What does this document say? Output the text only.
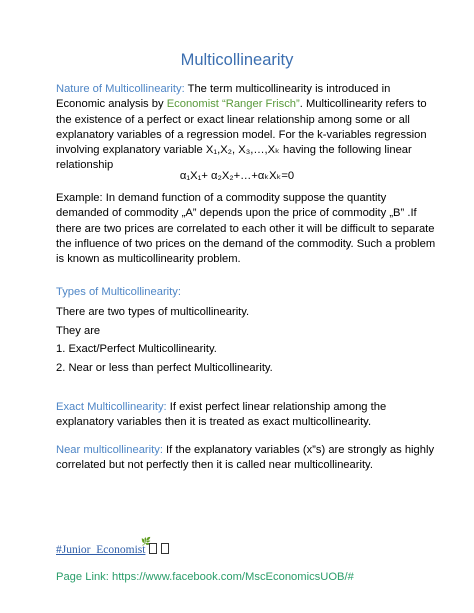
Multicollinearity
Nature of Multicollinearity: The term multicollinearity is introduced in Economic analysis by Economist “Ranger Frisch”. Multicollinearity refers to the existence of a perfect or exact linear relationship among some or all explanatory variables of a regression model. For the k-variables regression involving explanatory variable X₁,X₂, X₃,…,Xₖ having the following linear relationship
α₁X₁+ α₂X₂+…+αₖXₖ=0
Example: In demand function of a commodity suppose the quantity demanded of commodity „A” depends upon the price of commodity „B” .If there are two prices are correlated to each other it will be difficult to separate the influence of two prices on the demand of the commodity. Such a problem is known as multicollinearity problem.
Types of Multicollinearity:
There are two types of multicollinearity.
They are
1. Exact/Perfect Multicollinearity.
2. Near or less than perfect Multicollinearity.
Exact Multicollinearity: If exist perfect linear relationship among the explanatory variables then it is treated as exact multicollinearity.
Near multicollinearity: If the explanatory variables (x”s) are strongly as highly correlated but not perfectly then it is called near multicollinearity.
🌿
#Junior_Economist
Page Link: https://www.facebook.com/MscEconomicsUOB/#
